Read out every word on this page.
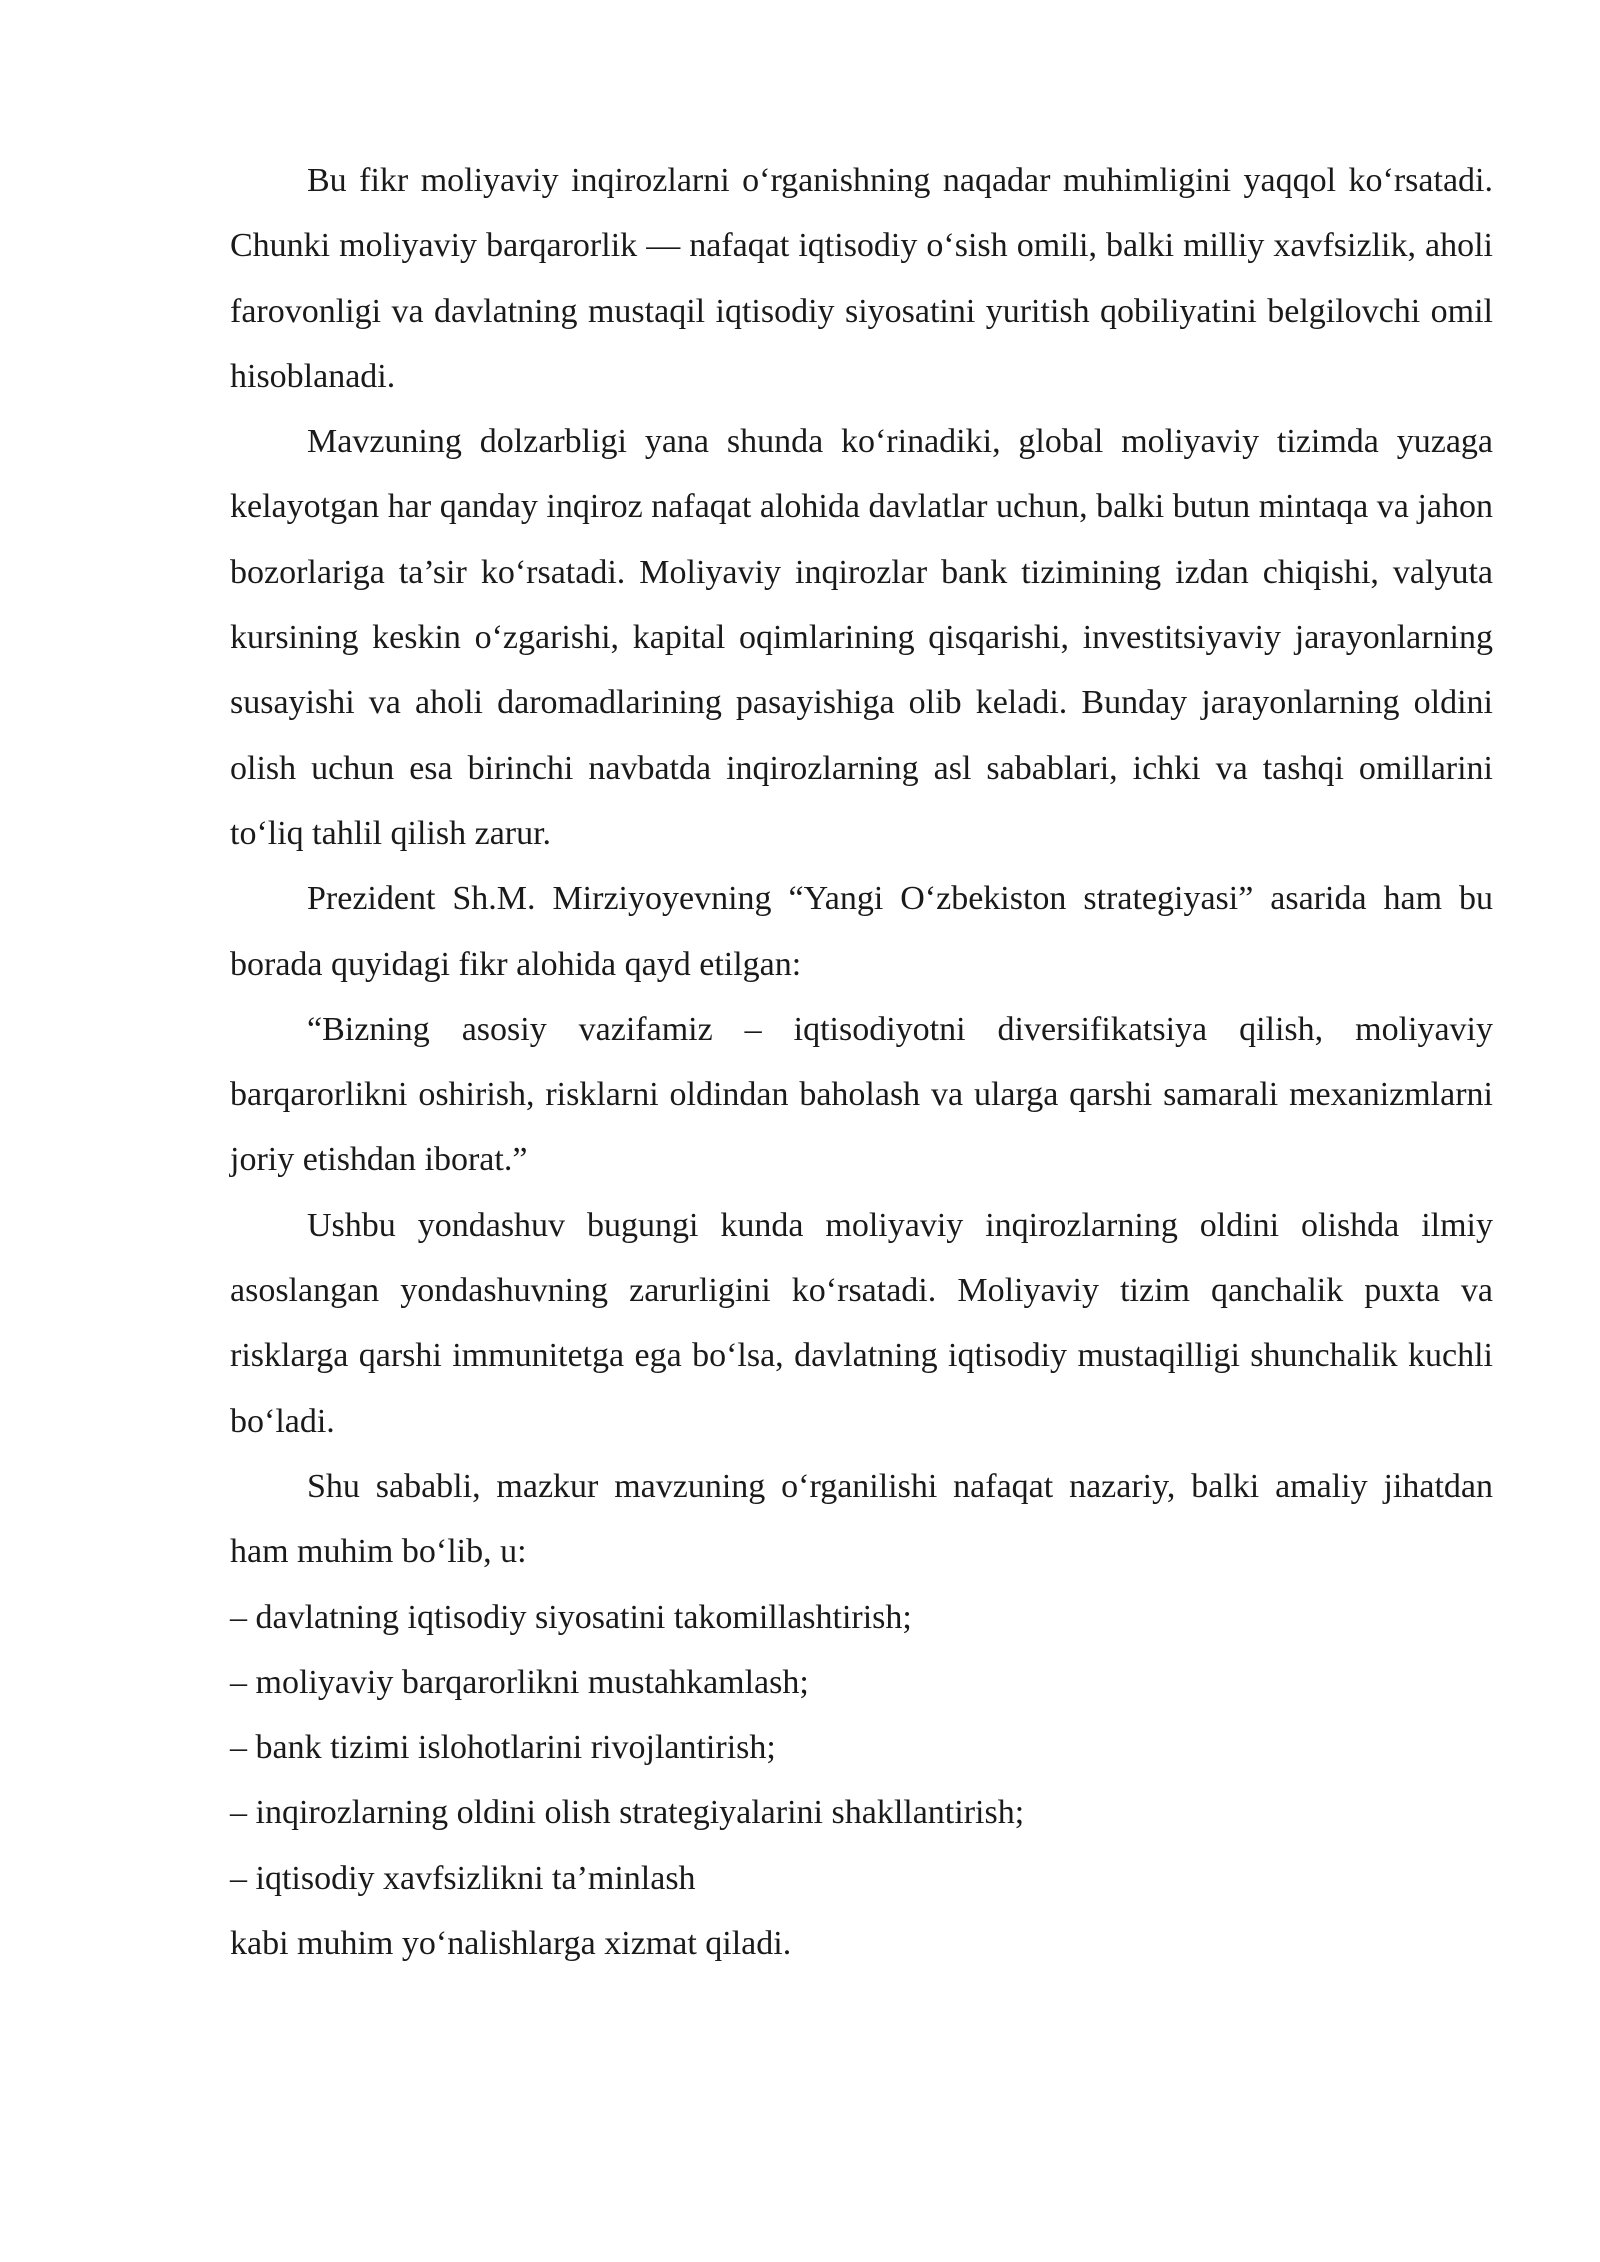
Bu fikr moliyaviy inqirozlarni o‘rganishning naqadar muhimligini yaqqol ko‘rsatadi. Chunki moliyaviy barqarorlik — nafaqat iqtisodiy o‘sish omili, balki milliy xavfsizlik, aholi farovonligi va davlatning mustaqil iqtisodiy siyosatini yuritish qobiliyatini belgilovchi omil hisoblanadi.

Mavzuning dolzarbligi yana shunda ko‘rinadiki, global moliyaviy tizimda yuzaga kelayotgan har qanday inqiroz nafaqat alohida davlatlar uchun, balki butun mintaqa va jahon bozorlariga ta’sir ko‘rsatadi. Moliyaviy inqirozlar bank tizimining izdan chiqishi, valyuta kursining keskin o‘zgarishi, kapital oqimlarining qisqarishi, investitsiyaviy jarayonlarning susayishi va aholi daromadlarining pasayishiga olib keladi. Bunday jarayonlarning oldini olish uchun esa birinchi navbatda inqirozlarning asl sabablari, ichki va tashqi omillarini to‘liq tahlil qilish zarur.

Prezident Sh.M. Mirziyoyevning “Yangi O‘zbekiston strategiyasi” asarida ham bu borada quyidagi fikr alohida qayd etilgan:

“Bizning asosiy vazifamiz – iqtisodiyotni diversifikatsiya qilish, moliyaviy barqarorlikni oshirish, risklarni oldindan baholash va ularga qarshi samarali mexanizmlarni joriy etishdan iborat.”

Ushbu yondashuv bugungi kunda moliyaviy inqirozlarning oldini olishda ilmiy asoslangan yondashuvning zarurligini ko‘rsatadi. Moliyaviy tizim qanchalik puxta va risklarga qarshi immunitetga ega bo‘lsa, davlatning iqtisodiy mustaqilligi shunchalik kuchli bo‘ladi.

Shu sababli, mazkur mavzuning o‘rganilishi nafaqat nazariy, balki amaliy jihatdan ham muhim bo‘lib, u:

– davlatning iqtisodiy siyosatini takomillashtirish;

– moliyaviy barqarorlikni mustahkamlash;

– bank tizimi islohotlarini rivojlantirish;

– inqirozlarning oldini olish strategiyalarini shakllantirish;

– iqtisodiy xavfsizlikni ta’minlash

kabi muhim yo‘nalishlarga xizmat qiladi.
